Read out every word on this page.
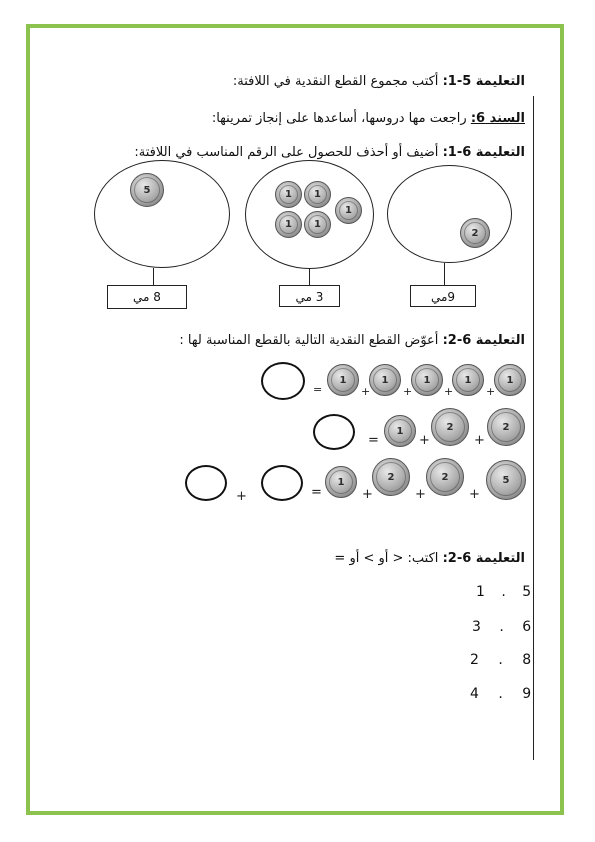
التعليمة 5-1: أكتب مجموع القطع النقدية في اللافتة:
السند 6: راجعت مها دروسها، أساعدها على إنجاز تمرينها:
التعليمة 6-1: أضيف أو أحذف للحصول على الرقم المناسب في اللافتة:
5	1	1
1
1	1
2
8 مي	3 مي	9مي
التعليمة 6-2: أعوّض القطع النقدية التالية بالقطع المناسبة لها :
=
1
+
1
+
1
+
1
+
1
=
1
+
2
+
2
+	=
1
+
2
+
2
+
5
التعليمة 6-2: اكتب: < أو > أو =
1 . 5
3 . 6
2 . 8
4 . 9
